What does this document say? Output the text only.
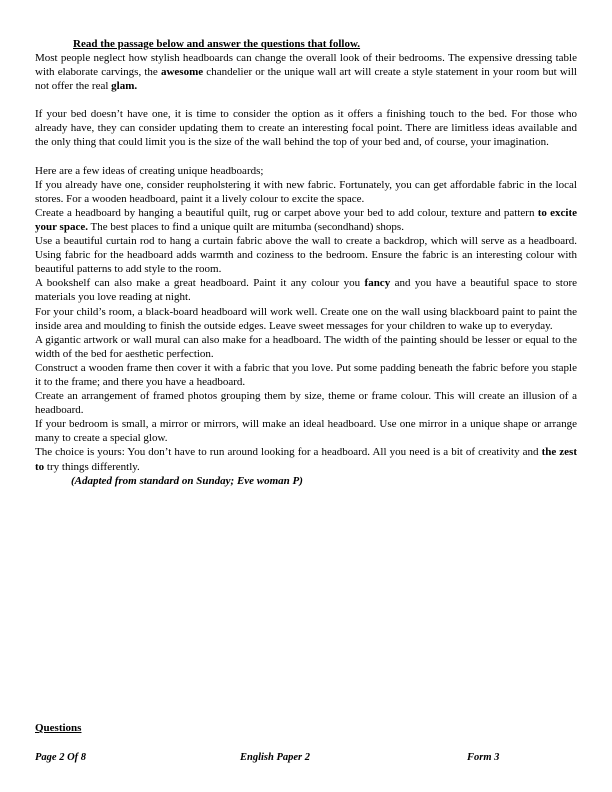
Read the passage below and answer the questions that follow.

Most people neglect how stylish headboards can change the overall look of their bedrooms. The expensive dressing table with elaborate carvings, the awesome chandelier or the unique wall art will create a style statement in your room but will not offer the real glam.

If your bed doesn’t have one, it is time to consider the option as it offers a finishing touch to the bed. For those who already have, they can consider updating them to create an interesting focal point. There are limitless ideas available and the only thing that could limit you is the size of the wall behind the top of your bed and, of course, your imagination.

Here are a few ideas of creating unique headboards;

If you already have one, consider reupholstering it with new fabric. Fortunately, you can get affordable fabric in the local stores. For a wooden headboard, paint it a lively colour to excite the space.

Create a headboard by hanging a beautiful quilt, rug or carpet above your bed to add colour, texture and pattern to excite your space. The best places to find a unique quilt are mitumba (secondhand) shops.

Use a beautiful curtain rod to hang a curtain fabric above the wall to create a backdrop, which will serve as a headboard. Using fabric for the headboard adds warmth and coziness to the bedroom. Ensure the fabric is an interesting colour with beautiful patterns to add style to the room.

A bookshelf can also make a great headboard. Paint it any colour you fancy and you have a beautiful space to store materials you love reading at night.

For your child’s room, a black-board headboard will work well. Create one on the wall using blackboard paint to paint the inside area and moulding to finish the outside edges. Leave sweet messages for your children to wake up to everyday.

A gigantic artwork or wall mural can also make for a headboard. The width of the painting should be lesser or equal to the width of the bed for aesthetic perfection.

Construct a wooden frame then cover it with a fabric that you love. Put some padding beneath the fabric before you staple it to the frame; and there you have a headboard.

Create an arrangement of framed photos grouping them by size, theme or frame colour. This will create an illusion of a headboard.

If your bedroom is small, a mirror or mirrors, will make an ideal headboard. Use one mirror in a unique shape or arrange many to create a special glow.

The choice is yours: You don’t have to run around looking for a headboard. All you need is a bit of creativity and the zest to try things differently.

(Adapted from standard on Sunday; Eve woman P)

Questions
Page 2 Of 8	English Paper 2	Form 3
